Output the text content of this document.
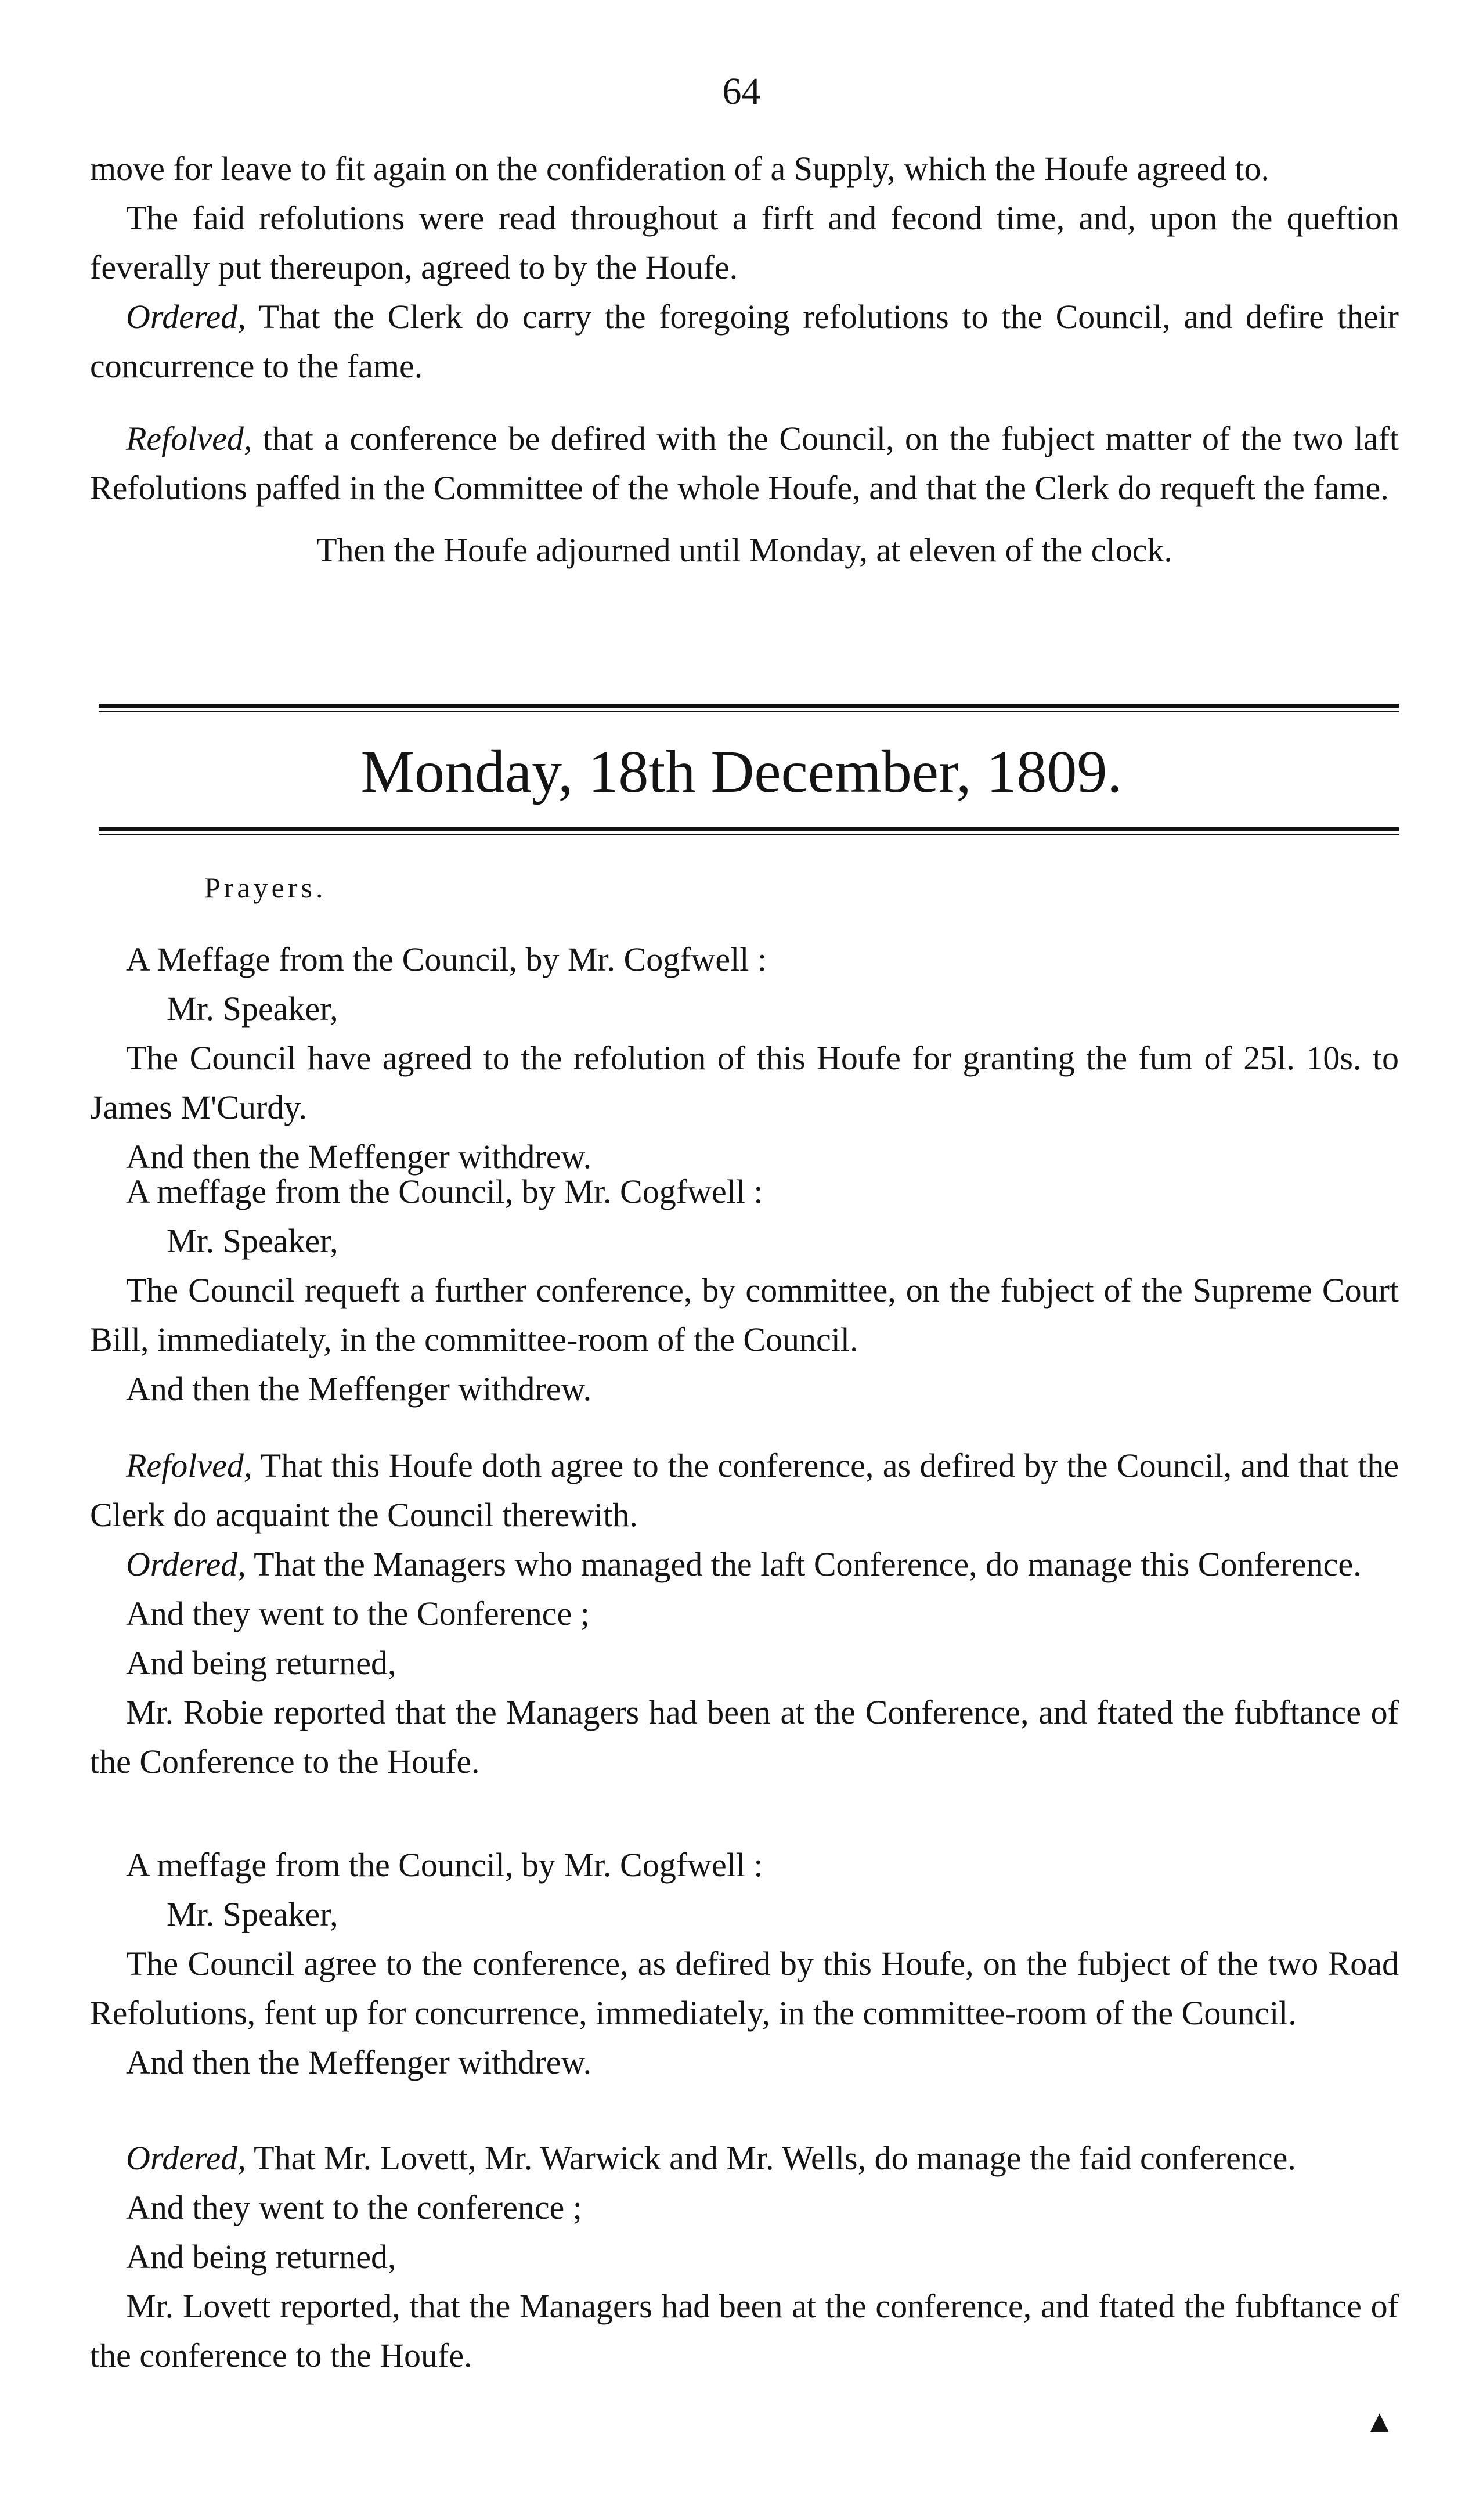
64

move for leave to fit again on the confideration of a Supply, which the Houfe agreed to.

The faid refolutions were read throughout a firft and fecond time, and, upon the queftion feverally put thereupon, agreed to by the Houfe.

Ordered, That the Clerk do carry the foregoing refolutions to the Council, and defire their concurrence to the fame.

Refolved, that a conference be defired with the Council, on the fubject matter of the two laft Refolutions paffed in the Committee of the whole Houfe, and that the Clerk do requeft the fame.

Then the Houfe adjourned until Monday, at eleven of the clock.

Monday, 18th December, 1809.
Prayers.

A Meffage from the Council, by Mr. Cogfwell :

Mr. Speaker,

The Council have agreed to the refolution of this Houfe for granting the fum of 25l. 10s. to James M'Curdy.

And then the Meffenger withdrew.

A meffage from the Council, by Mr. Cogfwell :

Mr. Speaker,

The Council requeft a further conference, by committee, on the fubject of the Supreme Court Bill, immediately, in the committee-room of the Council.

And then the Meffenger withdrew.

Refolved, That this Houfe doth agree to the conference, as defired by the Council, and that the Clerk do acquaint the Council therewith.

Ordered, That the Managers who managed the laft Conference, do manage this Conference.

And they went to the Conference ;

And being returned,

Mr. Robie reported that the Managers had been at the Conference, and ftated the fubftance of the Conference to the Houfe.

A meffage from the Council, by Mr. Cogfwell :

Mr. Speaker,

The Council agree to the conference, as defired by this Houfe, on the fubject of the two Road Refolutions, fent up for concurrence, immediately, in the committee-room of the Council.

And then the Meffenger withdrew.

Ordered, That Mr. Lovett, Mr. Warwick and Mr. Wells, do manage the faid conference.

And they went to the conference ;

And being returned,

Mr. Lovett reported, that the Managers had been at the conference, and ftated the fubftance of the conference to the Houfe.

▲
